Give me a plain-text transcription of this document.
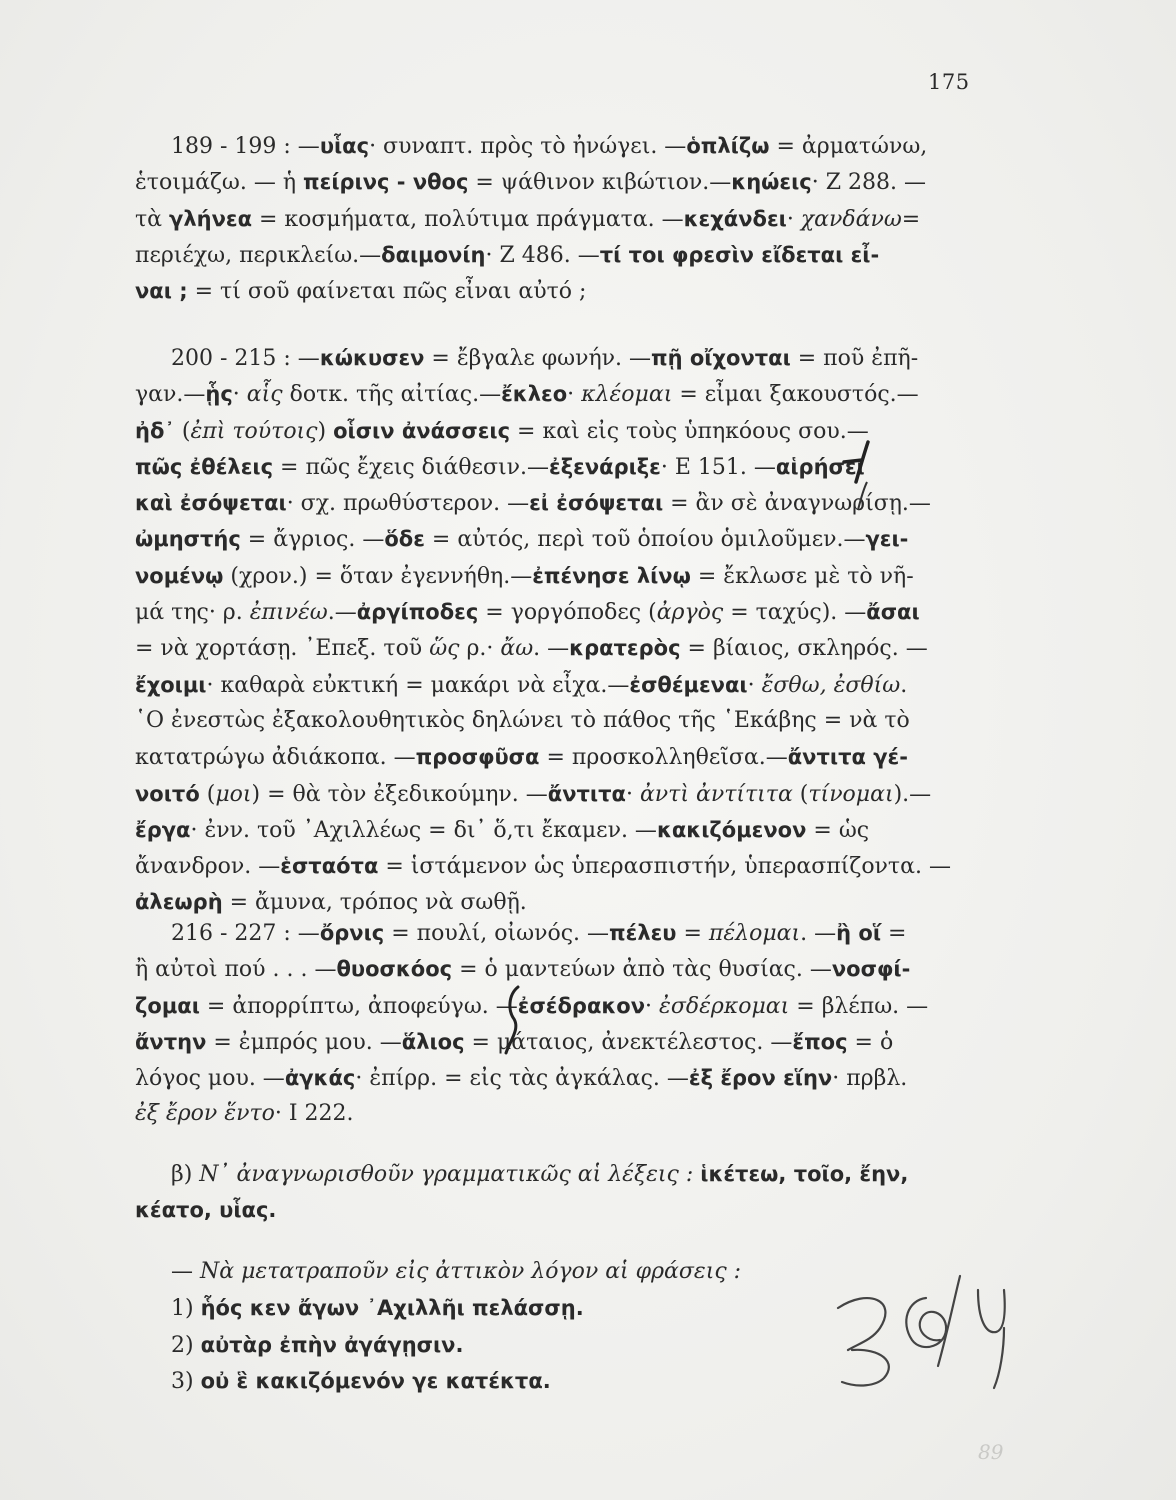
175
189 - 199 : —υἷας· συναπτ. πρὸς τὸ ἠνώγει. —ὁπλίζω = ἀρματώνω,
ἑτοιμάζω. — ἡ πείρινς - νθος = ψάθινον κιβώτιον.—κηώεις· Ζ 288. —
τὰ γλήνεα = κοσμήματα, πολύτιμα πράγματα. —κεχάνδει· χανδάνω=
περιέχω, περικλείω.—δαιμονίη· Ζ 486. —τί τοι φρεσὶν εἴδεται εἶ-
ναι ; = τί σοῦ φαίνεται πῶς εἶναι αὐτό ;
200 - 215 : —κώκυσεν = ἔβγαλε φωνήν. —πῇ οἴχονται = ποῦ ἐπῆ-
γαν.—ᾗς· αἷς δοτκ. τῆς αἰτίας.—ἔκλεο· κλέομαι = εἶμαι ξακουστός.—
ἠδ᾽ (ἐπὶ τούτοις) οἷσιν ἀνάσσεις = καὶ εἰς τοὺς ὑπηκόους σου.—
πῶς ἐθέλεις = πῶς ἔχεις διάθεσιν.—ἐξενάριξε· Ε 151. —αἱρήσει
καὶ ἐσόψεται· σχ. πρωθύστερον. —εἰ ἐσόψεται = ἂν σὲ ἀναγνωρίσῃ.—
ὠμηστής = ἄγριος. —ὅδε = αὐτός, περὶ τοῦ ὁποίου ὁμιλοῦμεν.—γει-
νομένῳ (χρον.) = ὅταν ἐγεννήθη.—ἐπένησε λίνῳ = ἔκλωσε μὲ τὸ νῆ-
μά της· ρ. ἐπινέω.—ἀργίποδες = γοργόποδες (ἀργὸς = ταχύς). —ἄσαι
= νὰ χορτάσῃ. ᾿Επεξ. τοῦ ὥς ρ.· ἄω. —κρατερὸς = βίαιος, σκληρός. —
ἔχοιμι· καθαρὰ εὐκτική = μακάρι νὰ εἶχα.—ἐσθέμεναι· ἔσθω, ἐσθίω.
῾Ο ἐνεστὼς ἐξακολουθητικὸς δηλώνει τὸ πάθος τῆς ῾Εκάβης = νὰ τὸ
κατατρώγω ἀδιάκοπα. —προσφῦσα = προσκολληθεῖσα.—ἄντιτα γέ-
νοιτό (μοι) = θὰ τὸν ἐξεδικούμην. —ἄντιτα· ἀντὶ ἀντίτιτα (τίνομαι).—
ἔργα· ἐνν. τοῦ ᾿Αχιλλέως = δι᾽ ὅ,τι ἔκαμεν. —κακιζόμενον = ὡς
ἄνανδρον. —ἑσταότα = ἱστάμενον ὡς ὑπερασπιστήν, ὑπερασπίζοντα. —
ἀλεωρὴ = ἄμυνα, τρόπος νὰ σωθῇ.
216 - 227 : —ὄρνις = πουλί, οἰωνός. —πέλευ = πέλομαι. —ἢ οἵ =
ἢ αὐτοὶ πού . . . —θυοσκόος = ὁ μαντεύων ἀπὸ τὰς θυσίας. —νοσφί-
ζομαι = ἀπορρίπτω, ἀποφεύγω. —ἐσέδρακον· ἐσδέρκομαι = βλέπω. —
ἄντην = ἐμπρός μου. —ἅλιος = μάταιος, ἀνεκτέλεστος. —ἔπος = ὁ
λόγος μου. —ἀγκάς· ἐπίρρ. = εἰς τὰς ἀγκάλας. —ἐξ ἔρον εἵην· πρβλ.
ἐξ ἔρον ἕντο· Ι 222.
β) Ν᾽ ἀναγνωρισθοῦν γραμματικῶς αἱ λέξεις : ἱκέτεω, τοῖο, ἔην,
κέατο, υἷας.
— Νὰ μετατραποῦν εἰς ἀττικὸν λόγον αἱ φράσεις :
1) ἧός κεν ἄγων ᾿Αχιλλῆι πελάσσῃ.
2) αὐτὰρ ἐπὴν ἀγάγῃσιν.
3) οὐ ἓ κακιζόμενόν γε κατέκτα.
89
